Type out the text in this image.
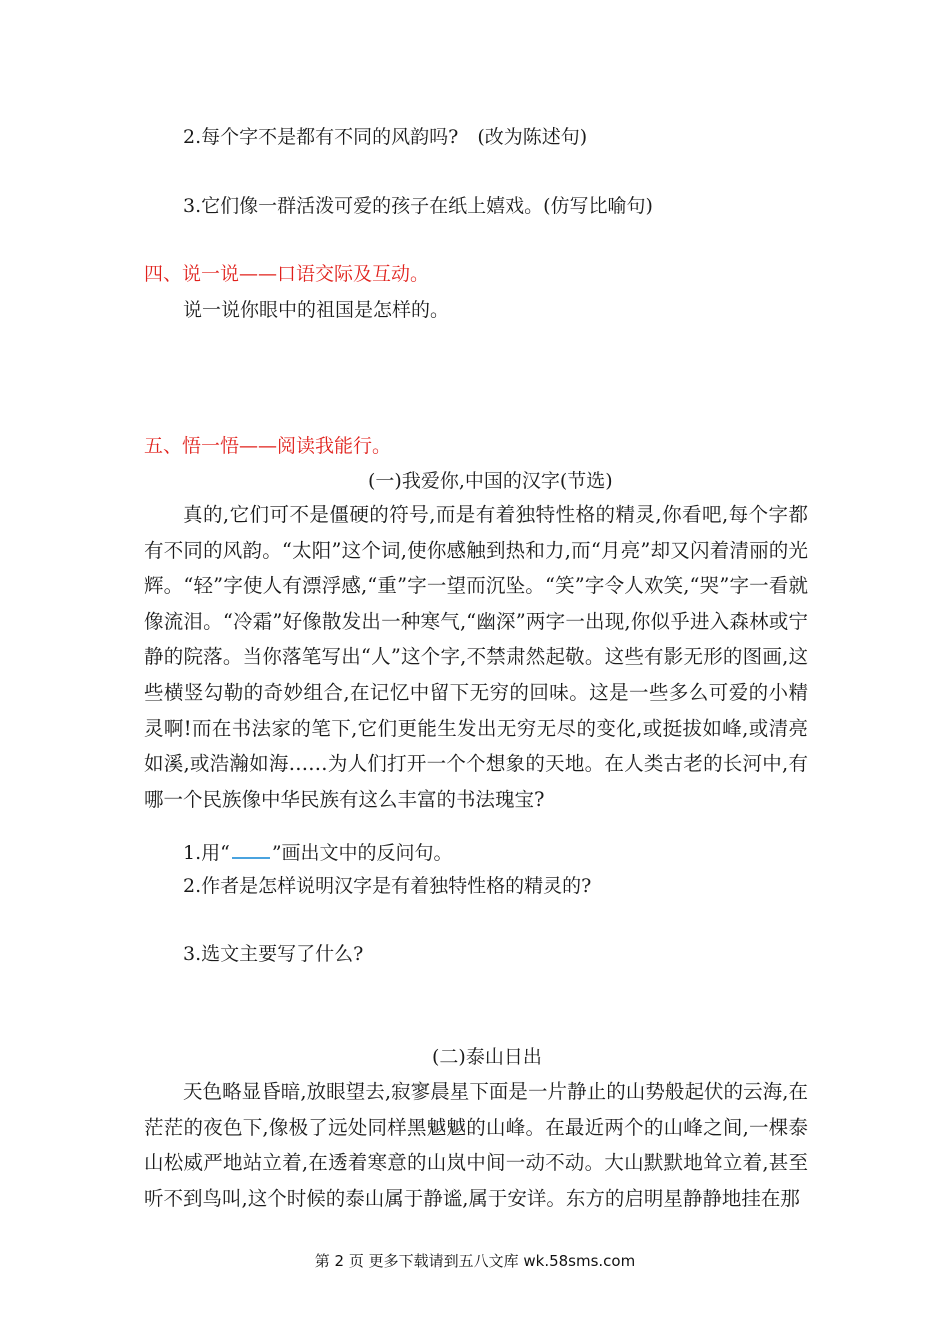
2.每个字不是都有不同的风韵吗?　(改为陈述句)
3.它们像一群活泼可爱的孩子在纸上嬉戏。(仿写比喻句)
四、说一说——口语交际及互动。
说一说你眼中的祖国是怎样的。
五、悟一悟——阅读我能行。
(一)我爱你,中国的汉字(节选)
真的,它们可不是僵硬的符号,而是有着独特性格的精灵,你看吧,每个字都有不同的风韵。“太阳”这个词,使你感触到热和力,而“月亮”却又闪着清丽的光辉。“轻”字使人有漂浮感,“重”字一望而沉坠。“笑”字令人欢笑,“哭”字一看就像流泪。“冷霜”好像散发出一种寒气,“幽深”两字一出现,你似乎进入森林或宁静的院落。当你落笔写出“人”这个字,不禁肃然起敬。这些有影无形的图画,这些横竖勾勒的奇妙组合,在记忆中留下无穷的回味。这是一些多么可爱的小精灵啊!而在书法家的笔下,它们更能生发出无穷无尽的变化,或挺拔如峰,或清亮如溪,或浩瀚如海……为人们打开一个个想象的天地。在人类古老的长河中,有哪一个民族像中华民族有这么丰富的书法瑰宝?
1.用“ ”画出文中的反问句。
2.作者是怎样说明汉字是有着独特性格的精灵的?
3.选文主要写了什么?
(二)泰山日出
天色略显昏暗,放眼望去,寂寥晨星下面是一片静止的山势般起伏的云海,在茫茫的夜色下,像极了远处同样黑魆魆的山峰。在最近两个的山峰之间,一棵泰山松威严地站立着,在透着寒意的山岚中间一动不动。大山默默地耸立着,甚至听不到鸟叫,这个时候的泰山属于静谧,属于安详。东方的启明星静静地挂在那
第 2 页 更多下载请到五八文库 wk.58sms.com
